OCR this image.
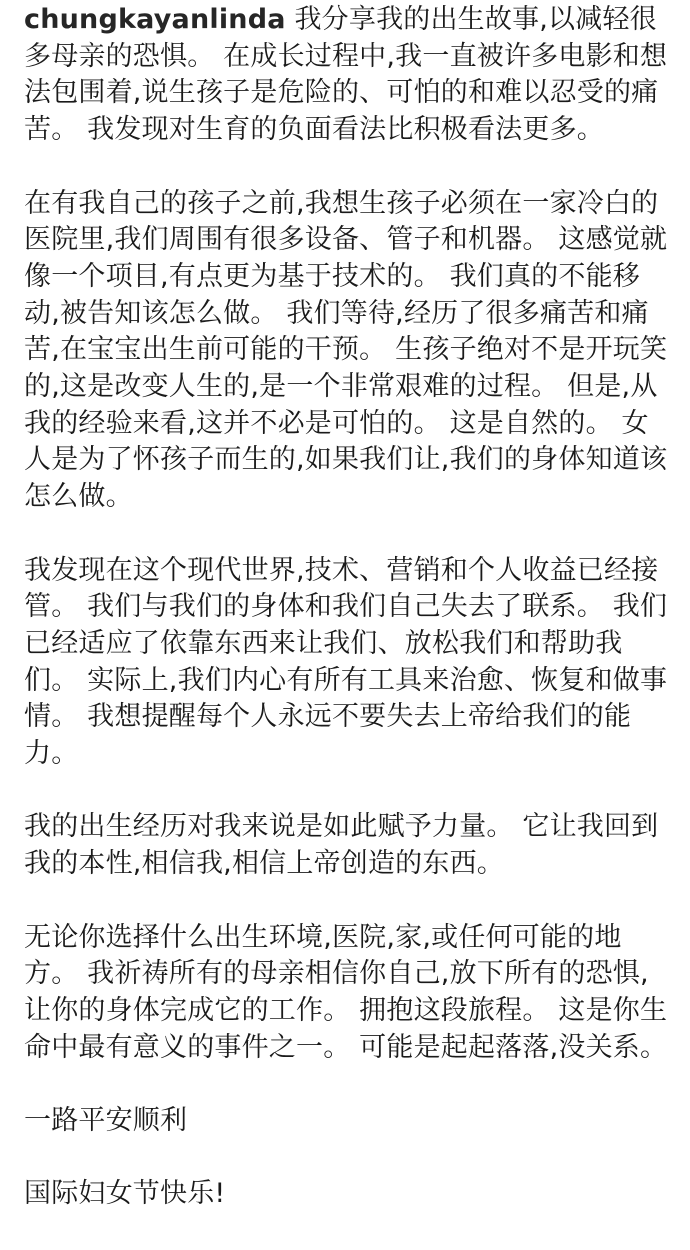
chungkayanlinda 我分享我的出生故事,以减轻很多母亲的恐惧。 在成长过程中,我一直被许多电影和想法包围着,说生孩子是危险的、可怕的和难以忍受的痛苦。 我发现对生育的负面看法比积极看法更多。

在有我自己的孩子之前,我想生孩子必须在一家冷白的医院里,我们周围有很多设备、管子和机器。 这感觉就像一个项目,有点更为基于技术的。 我们真的不能移动,被告知该怎么做。 我们等待,经历了很多痛苦和痛苦,在宝宝出生前可能的干预。 生孩子绝对不是开玩笑的,这是改变人生的,是一个非常艰难的过程。 但是,从我的经验来看,这并不必是可怕的。 这是自然的。 女人是为了怀孩子而生的,如果我们让,我们的身体知道该怎么做。

我发现在这个现代世界,技术、营销和个人收益已经接管。 我们与我们的身体和我们自己失去了联系。 我们已经适应了依靠东西来让我们、放松我们和帮助我们。 实际上,我们内心有所有工具来治愈、恢复和做事情。 我想提醒每个人永远不要失去上帝给我们的能力。

我的出生经历对我来说是如此赋予力量。 它让我回到我的本性,相信我,相信上帝创造的东西。

无论你选择什么出生环境,医院,家,或任何可能的地方。 我祈祷所有的母亲相信你自己,放下所有的恐惧,让你的身体完成它的工作。 拥抱这段旅程。 这是你生命中最有意义的事件之一。 可能是起起落落,没关系。

一路平安顺利

国际妇女节快乐!
